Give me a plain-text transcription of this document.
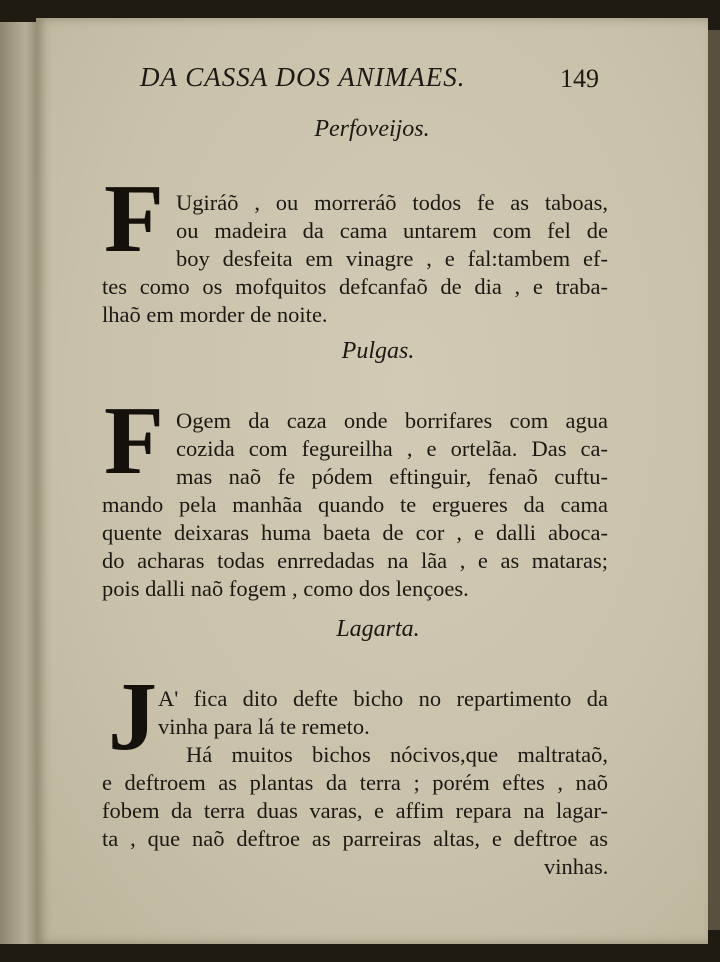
DA CASSA DOS ANIMAES.	149
Perfoveijos.
F Ugiráõ , ou morreráõ todos fe as taboas,
ou madeira da cama untarem com fel de
boy desfeita em vinagre , e fal:tambem ef-
tes como os mofquitos defcanfaõ de dia , e traba-
lhaõ em morder de noite.
Pulgas.
F Ogem da caza onde borrifares com agua
cozida com fegureilha , e ortelãa. Das ca-
mas naõ fe pódem eftinguir, fenaõ cuftu-
mando pela manhãa quando te ergueres da cama
quente deixaras huma baeta de cor , e dalli aboca-
do acharas todas enrredadas na lãa , e as mataras;
pois dalli naõ fogem , como dos lençoes.
Lagarta.
J A' fica dito defte bicho no repartimento da
vinha para lá te remeto.
Há muitos bichos nócivos,que maltrataõ,
e deftroem as plantas da terra ; porém eftes , naõ
fobem da terra duas varas, e affim repara na lagar-
ta , que naõ deftroe as parreiras altas, e deftroe as
vinhas.
